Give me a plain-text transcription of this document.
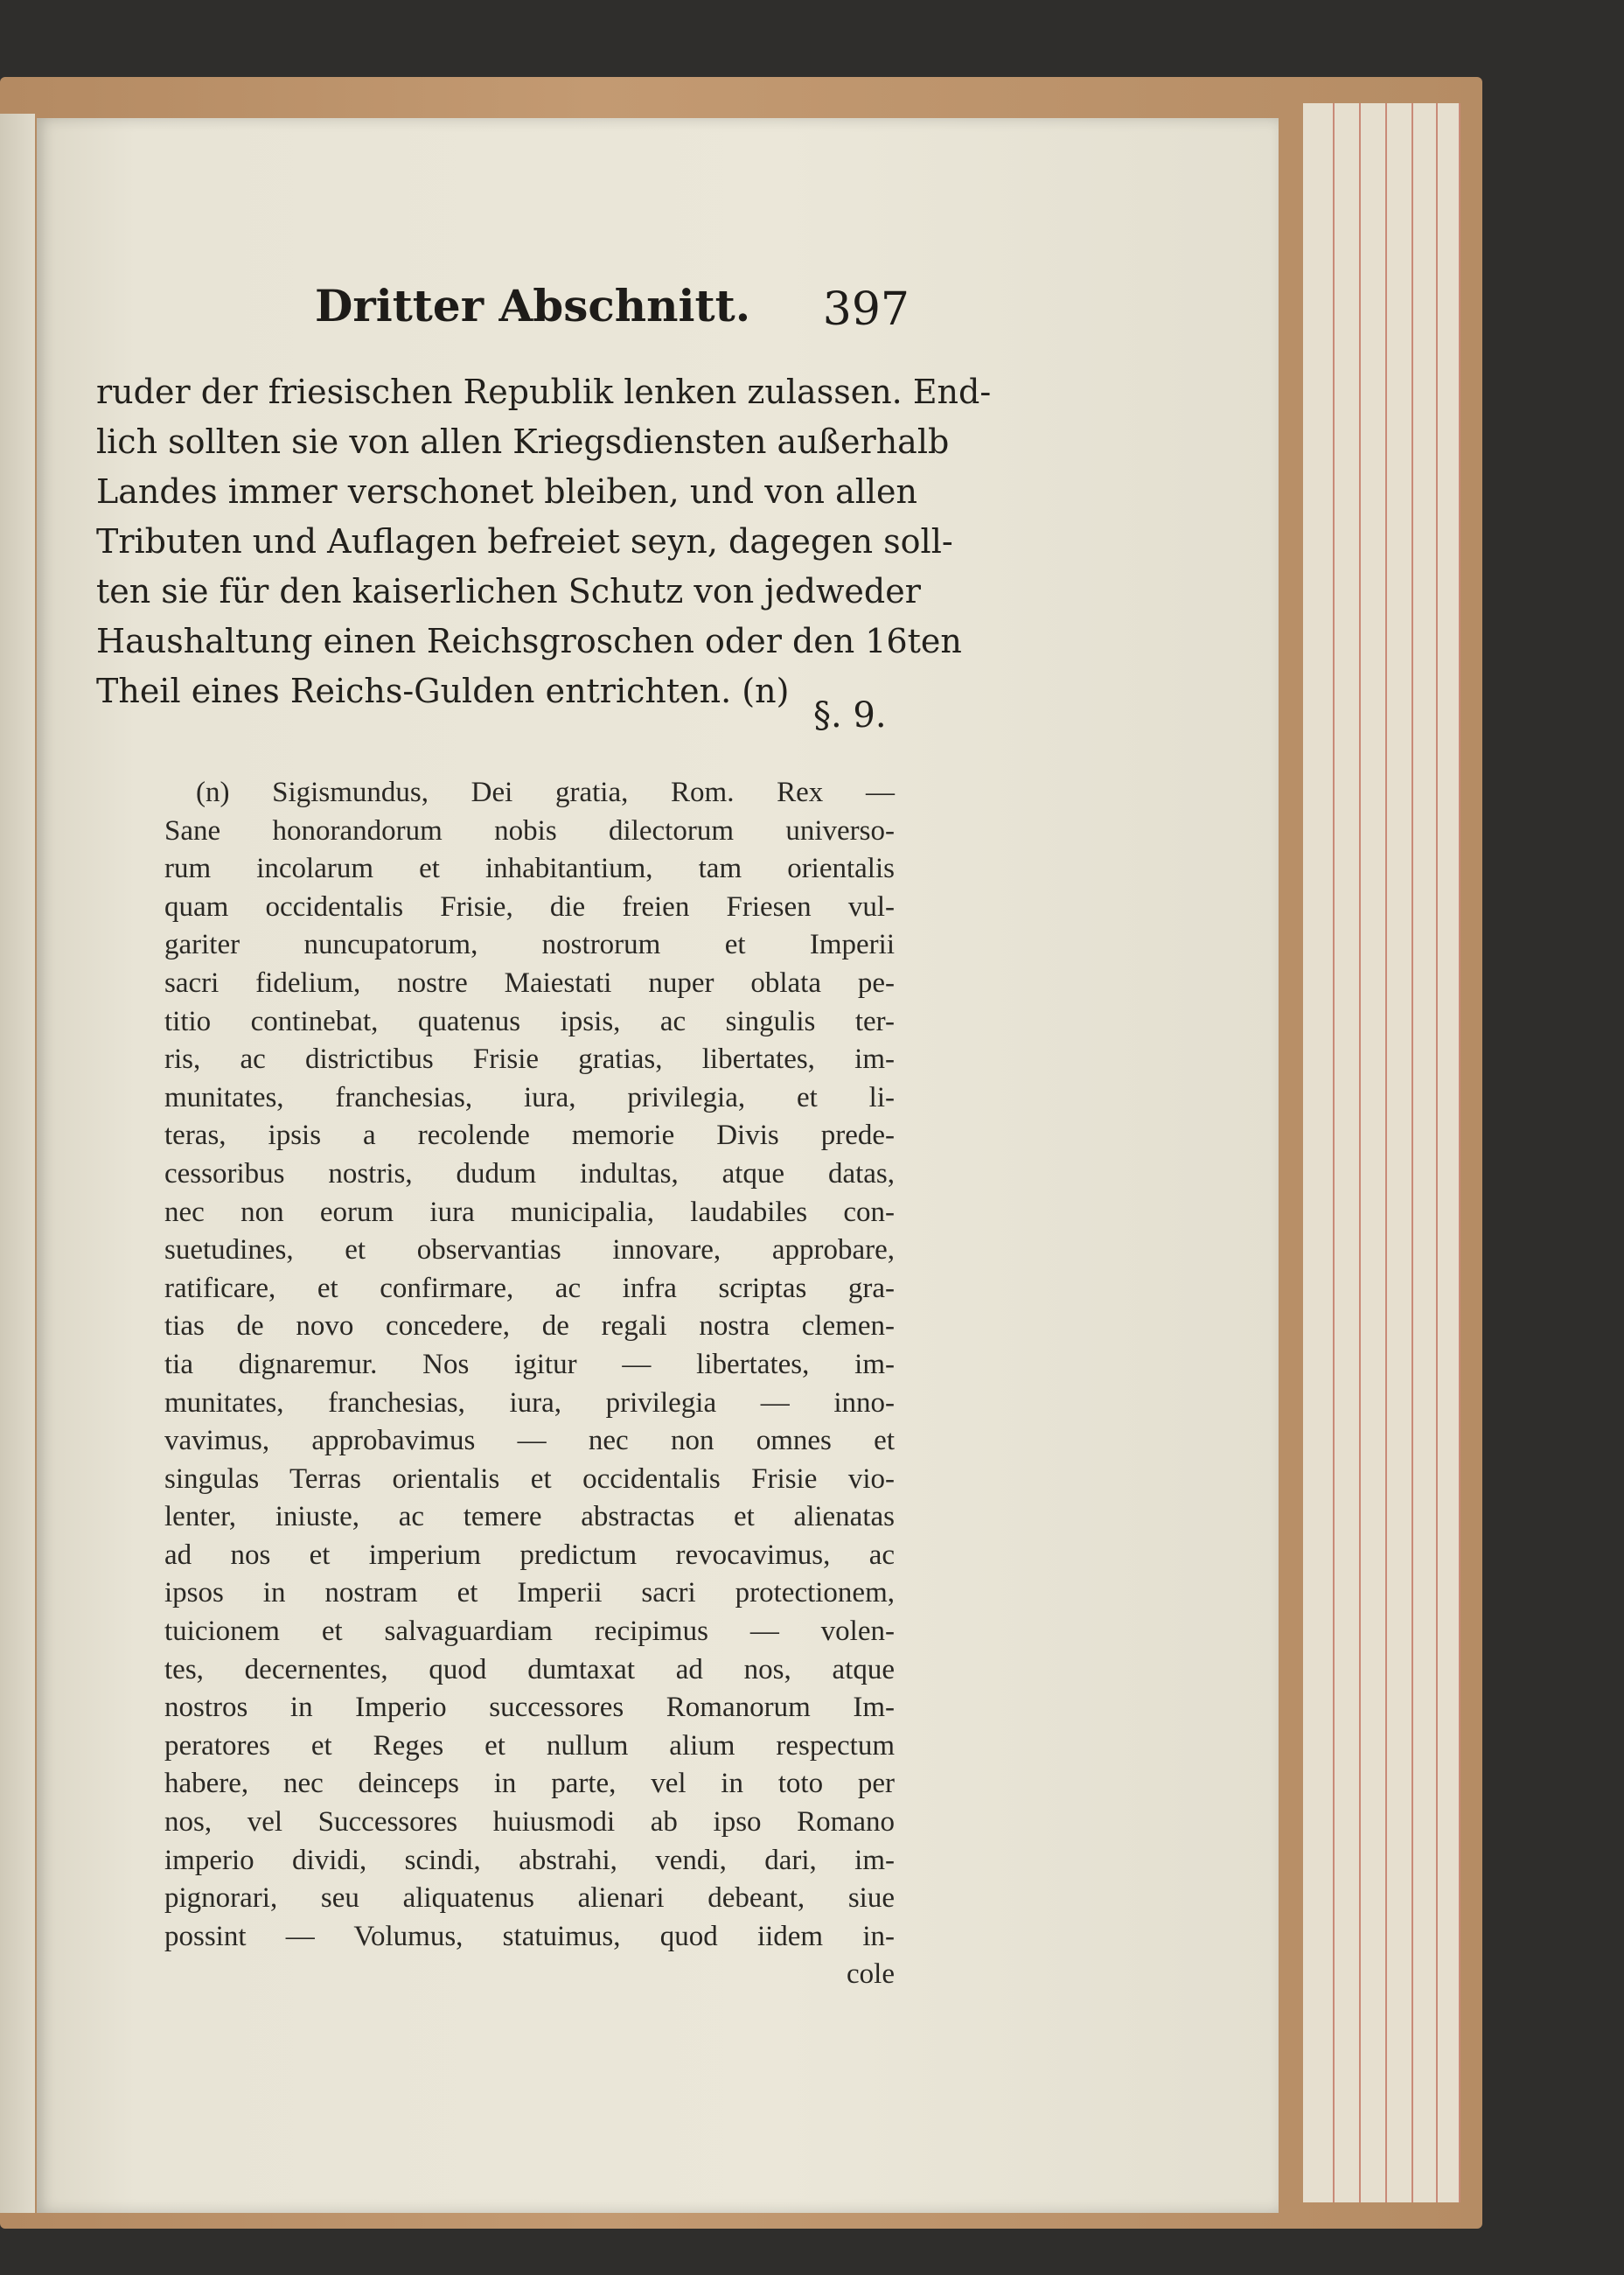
Dritter Abschnitt. 397
ruder der friesischen Republik lenken zulassen. End-
lich sollten sie von allen Kriegsdiensten außerhalb
Landes immer verschonet bleiben, und von allen
Tributen und Auflagen befreiet seyn, dagegen soll-
ten sie für den kaiserlichen Schutz von jedweder
Haushaltung einen Reichsgroschen oder den 16ten
Theil eines Reichs-Gulden entrichten. (n)
§. 9.
(n) Sigismundus, Dei gratia, Rom. Rex —
Sane honorandorum nobis dilectorum universo-
rum incolarum et inhabitantium, tam orientalis
quam occidentalis Frisie, die freien Friesen vul-
gariter nuncupatorum, nostrorum et Imperii
sacri fidelium, nostre Maiestati nuper oblata pe-
titio continebat, quatenus ipsis, ac singulis ter-
ris, ac districtibus Frisie gratias, libertates, im-
munitates, franchesias, iura, privilegia, et li-
teras, ipsis a recolende memorie Divis prede-
cessoribus nostris, dudum indultas, atque datas,
nec non eorum iura municipalia, laudabiles con-
suetudines, et observantias innovare, approbare,
ratificare, et confirmare, ac infra scriptas gra-
tias de novo concedere, de regali nostra clemen-
tia dignaremur. Nos igitur — libertates, im-
munitates, franchesias, iura, privilegia — inno-
vavimus, approbavimus — nec non omnes et
singulas Terras orientalis et occidentalis Frisie vio-
lenter, iniuste, ac temere abstractas et alienatas
ad nos et imperium predictum revocavimus, ac
ipsos in nostram et Imperii sacri protectionem,
tuicionem et salvaguardiam recipimus — volen-
tes, decernentes, quod dumtaxat ad nos, atque
nostros in Imperio successores Romanorum Im-
peratores et Reges et nullum alium respectum
habere, nec deinceps in parte, vel in toto per
nos, vel Successores huiusmodi ab ipso Romano
imperio dividi, scindi, abstrahi, vendi, dari, im-
pignorari, seu aliquatenus alienari debeant, siue
possint — Volumus, statuimus, quod iidem in-
cole
